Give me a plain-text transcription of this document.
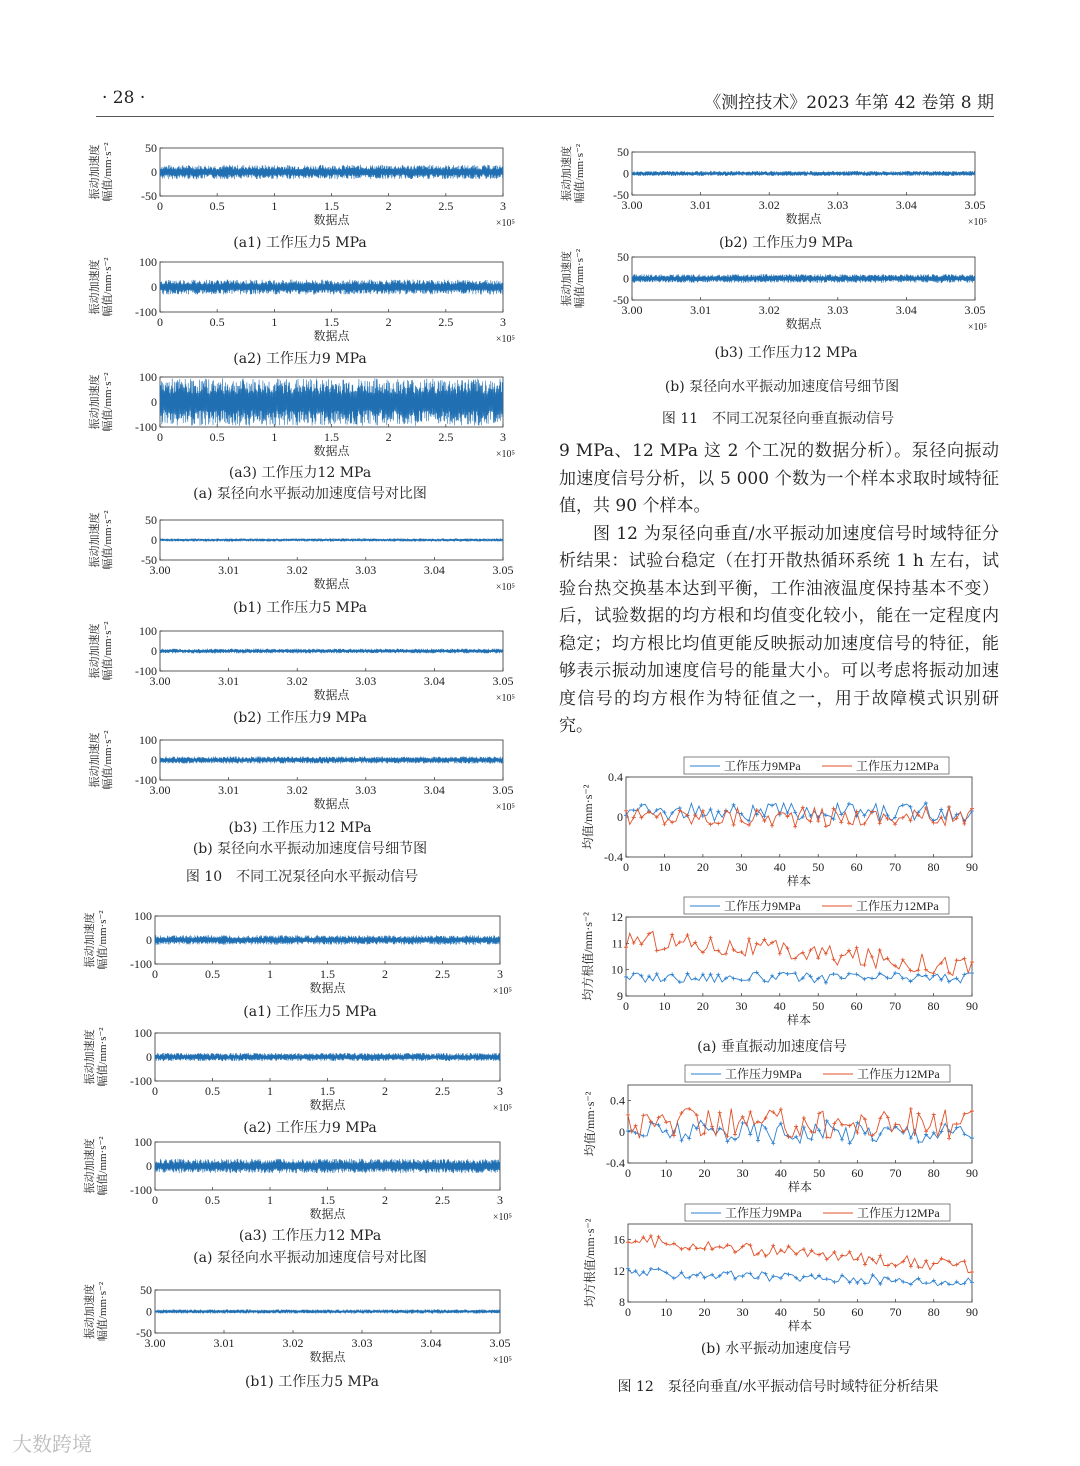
· 28 ·	《测控技术》2023 年第 42 卷第 8 期
-50
0
50
0	0.5	1	1.5	2	2.5	3
数据点	×10⁵
振动加速度 幅值/mm·s⁻²
-100
0
100
0	0.5	1	1.5	2	2.5	3
数据点	×10⁵
振动加速度 幅值/mm·s⁻²
-100
0
100
0	0.5	1	1.5	2	2.5	3
数据点	×10⁵
振动加速度 幅值/mm·s⁻²
-50
0
50
3.00	3.01	3.02	3.03	3.04	3.05
数据点	×10⁵
振动加速度 幅值/mm·s⁻²
-100
0
100
3.00	3.01	3.02	3.03	3.04	3.05
数据点	×10⁵
振动加速度 幅值/mm·s⁻²
-100
0
100
3.00	3.01	3.02	3.03	3.04	3.05
数据点	×10⁵
振动加速度 幅值/mm·s⁻²
-100
0
100
0	0.5	1	1.5	2	2.5	3
数据点	×10⁵
振动加速度 幅值/mm·s⁻²
-100
0
100
0	0.5	1	1.5	2	2.5	3
数据点	×10⁵
振动加速度 幅值/mm·s⁻²
-100
0
100
0	0.5	1	1.5	2	2.5	3
数据点	×10⁵
振动加速度 幅值/mm·s⁻²
-50
0
50
3.00	3.01	3.02	3.03	3.04	3.05
数据点	×10⁵
振动加速度 幅值/mm·s⁻²
-50
0
50
3.00	3.01	3.02	3.03	3.04	3.05
数据点	×10⁵
振动加速度 幅值/mm·s⁻²
-50
0
50
3.00	3.01	3.02	3.03	3.04	3.05
数据点	×10⁵
振动加速度 幅值/mm·s⁻²
-0.4
0
0.4
0 10 20 30 40 50 60 70 80 90
工作压力9MPa	工作压力12MPa
样本
均值/mm·s⁻²
9
10
11
12
0 10 20 30 40 50 60 70 80 90
工作压力9MPa	工作压力12MPa
样本
均方根值/mm·s⁻²
-0.4
0
0.4
0 10 20 30 40 50 60 70 80 90
工作压力9MPa	工作压力12MPa
样本
均值/mm·s⁻²
8
12
16
0 10 20 30 40 50 60 70 80 90
工作压力9MPa	工作压力12MPa
样本
均方根值/mm·s⁻²
(a1) 工作压力5 MPa
(a2) 工作压力9 MPa
(a3) 工作压力12 MPa
(a) 泵径向水平振动加速度信号对比图
(b1) 工作压力5 MPa
(b2) 工作压力9 MPa
(b3) 工作压力12 MPa
(b) 泵径向水平振动加速度信号细节图
图 10　不同工况泵径向水平振动信号
(a1) 工作压力5 MPa
(a2) 工作压力9 MPa
(a3) 工作压力12 MPa
(a) 泵径向水平振动加速度信号对比图
(b1) 工作压力5 MPa
(b2) 工作压力9 MPa
(b3) 工作压力12 MPa
(b) 泵径向水平振动加速度信号细节图
图 11　不同工况泵径向垂直振动信号

9 MPa、12 MPa 这 2 个工况的数据分析）。泵径向振动加速度信号分析，以 5 000 个数为一个样本求取时域特征值，共 90 个样本。

图 12 为泵径向垂直/水平振动加速度信号时域特征分析结果：试验台稳定（在打开散热循环系统 1 h 左右，试验台热交换基本达到平衡，工作油液温度保持基本不变）后，试验数据的均方根和均值变化较小，能在一定程度内稳定；均方根比均值更能反映振动加速度信号的特征，能够表示振动加速度信号的能量大小。可以考虑将振动加速度信号的均方根作为特征值之一，用于故障模式识别研究。

(a) 垂直振动加速度信号
(b) 水平振动加速度信号
图 12　泵径向垂直/水平振动信号时域特征分析结果
大数跨境
